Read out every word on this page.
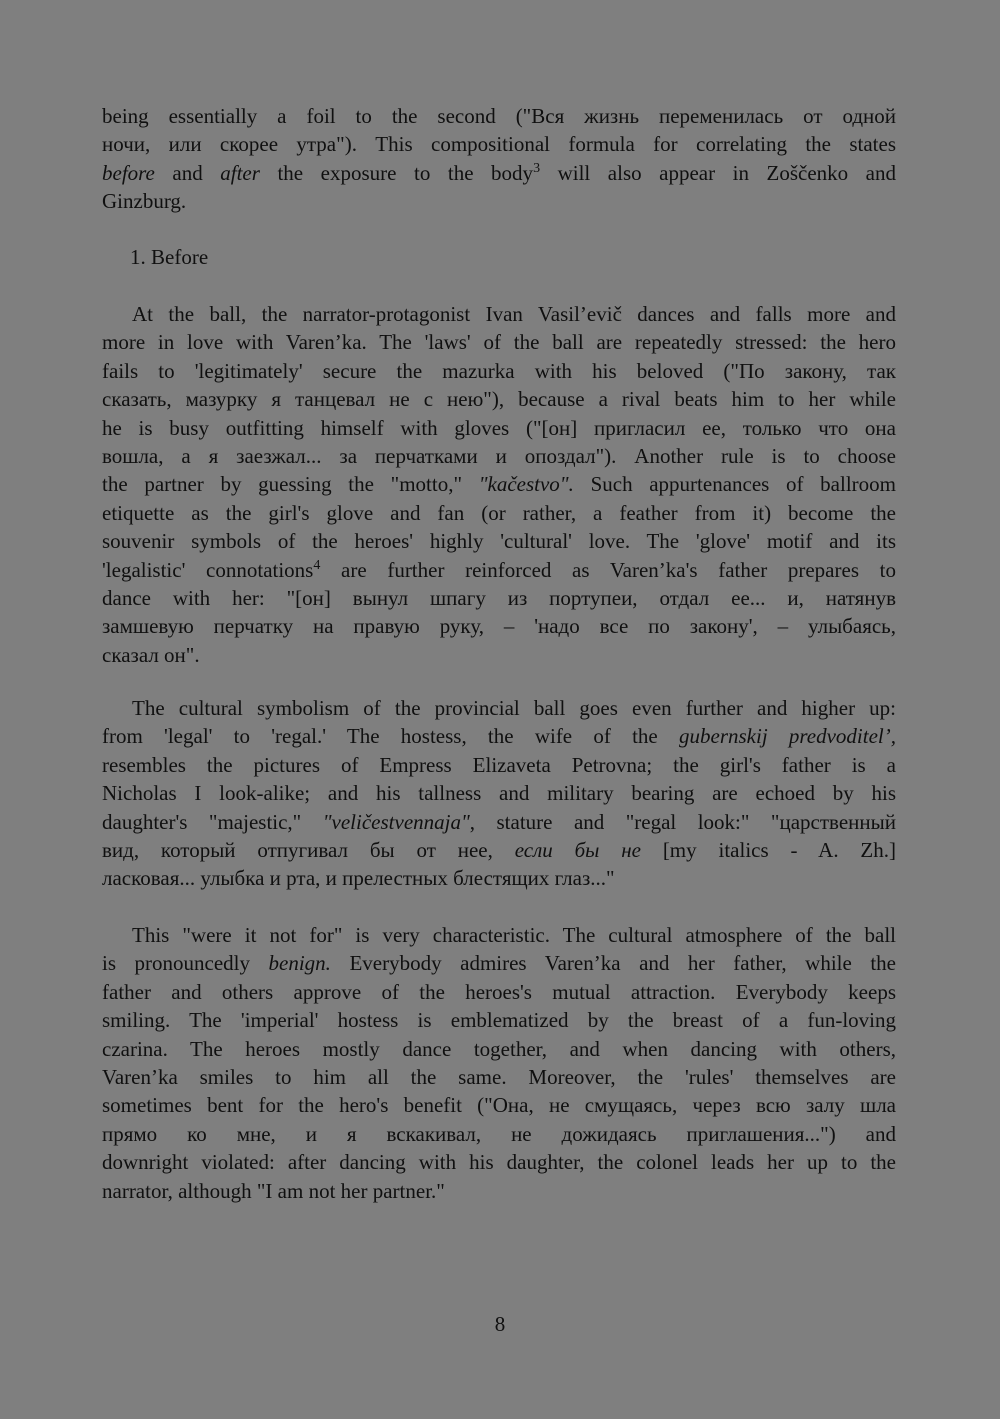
being essentially a foil to the second ("Вся жизнь переменилась от одной
ночи, или скорее утра"). This compositional formula for correlating the states
before and after the exposure to the body$^3$ will also appear in Zoščenko and
Ginzburg.
1. Before
At the ball, the narrator-protagonist Ivan Vasil’evič dances and falls more and
more in love with Varen’ka. The 'laws' of the ball are repeatedly stressed: the hero
fails to 'legitimately' secure the mazurka with his beloved ("По закону, так
сказать, мазурку я танцевал не с нею"), because a rival beats him to her while
he is busy outfitting himself with gloves ("[он] пригласил ее, только что она
вошла, а я заезжал... за перчатками и опоздал"). Another rule is to choose
the partner by guessing the "motto," "kačestvo". Such appurtenances of ballroom
etiquette as the girl's glove and fan (or rather, a feather from it) become the
souvenir symbols of the heroes' highly 'cultural' love. The 'glove' motif and its
'legalistic' connotations$^4$ are further reinforced as Varen’ka's father prepares to
dance with her: "[он] вынул шпагу из портупеи, отдал ее... и, натянув
замшевую перчатку на правую руку, – 'надо все по закону', – улыбаясь,
сказал он".
The cultural symbolism of the provincial ball goes even further and higher up:
from 'legal' to 'regal.' The hostess, the wife of the gubernskij predvoditel’,
resembles the pictures of Empress Elizaveta Petrovna; the girl's father is a
Nicholas I look-alike; and his tallness and military bearing are echoed by his
daughter's "majestic," "veličestvennaja", stature and "regal look:" "царственный
вид, который отпугивал бы от нее, если бы не [my italics - A. Zh.]
ласковая... улыбка и рта, и прелестных блестящих глаз..."
This "were it not for" is very characteristic. The cultural atmosphere of the ball
is pronouncedly benign. Everybody admires Varen’ka and her father, while the
father and others approve of the heroes's mutual attraction. Everybody keeps
smiling. The 'imperial' hostess is emblematized by the breast of a fun-loving
czarina. The heroes mostly dance together, and when dancing with others,
Varen’ka smiles to him all the same. Moreover, the 'rules' themselves are
sometimes bent for the hero's benefit ("Она, не смущаясь, через всю залу шла
прямо ко мне, и я вскакивал, не дожидаясь приглашения...") and
downright violated: after dancing with his daughter, the colonel leads her up to the
narrator, although "I am not her partner."
8
